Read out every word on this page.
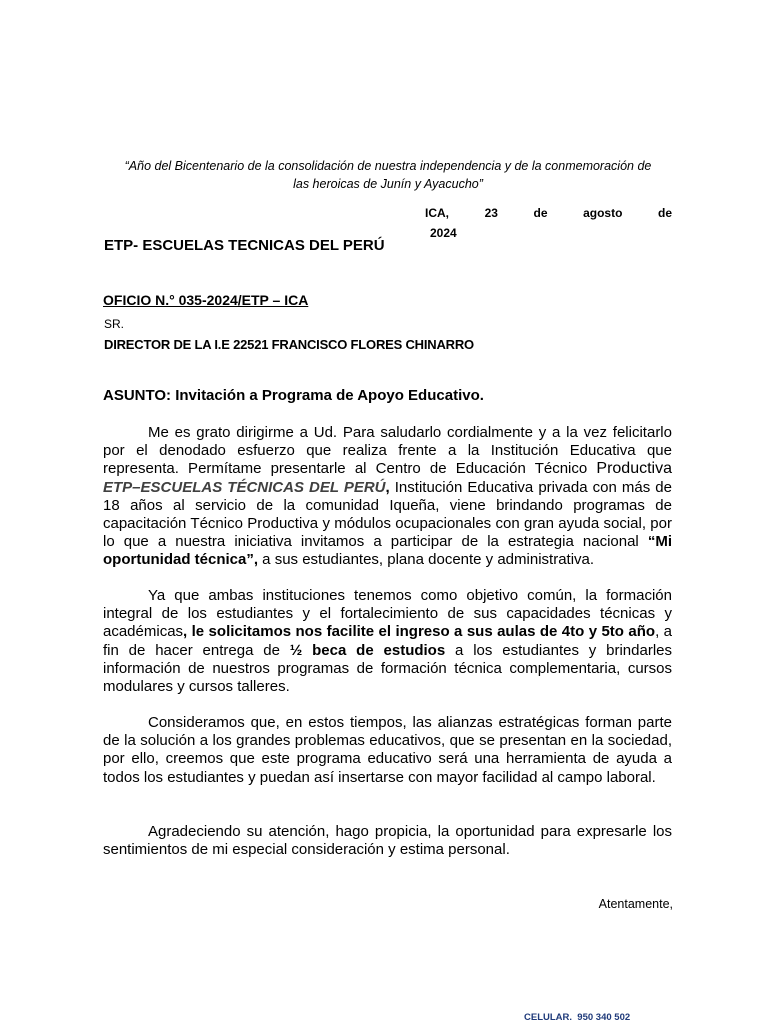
“Año del Bicentenario de la consolidación de nuestra independencia y de la conmemoración de
las heroicas de Junín y Ayacucho”
ICA, 23 de agosto de
2024
ETP- ESCUELAS TECNICAS DEL PERÚ
OFICIO N.° 035-2024/ETP – ICA
SR.
DIRECTOR DE LA I.E 22521 FRANCISCO FLORES CHINARRO
ASUNTO: Invitación a Programa de Apoyo Educativo.

Me es grato dirigirme a Ud. Para saludarlo cordialmente y a la vez felicitarlo por el denodado esfuerzo que realiza frente a la Institución Educativa que representa. Permítame presentarle al Centro de Educación Técnico Productiva ETP–ESCUELAS TÉCNICAS DEL PERÚ, Institución Educativa privada con más de 18 años al servicio de la comunidad Iqueña, viene brindando programas de capacitación Técnico Productiva y módulos ocupacionales con gran ayuda social, por lo que a nuestra iniciativa invitamos a participar de la estrategia nacional “Mi oportunidad técnica”, a sus estudiantes, plana docente y administrativa.

Ya que ambas instituciones tenemos como objetivo común, la formación integral de los estudiantes y el fortalecimiento de sus capacidades técnicas y académicas, le solicitamos nos facilite el ingreso a sus aulas de 4to y 5to año, a fin de hacer entrega de ½ beca de estudios a los estudiantes y brindarles información de nuestros programas de formación técnica complementaria, cursos modulares y cursos talleres.

Consideramos que, en estos tiempos, las alianzas estratégicas forman parte de la solución a los grandes problemas educativos, que se presentan en la sociedad, por ello, creemos que este programa educativo será una herramienta de ayuda a todos los estudiantes y puedan así insertarse con mayor facilidad al campo laboral.

Agradeciendo su atención, hago propicia, la oportunidad para expresarle los sentimientos de mi especial consideración y estima personal.

Atentamente,
CELULAR.  950 340 502
